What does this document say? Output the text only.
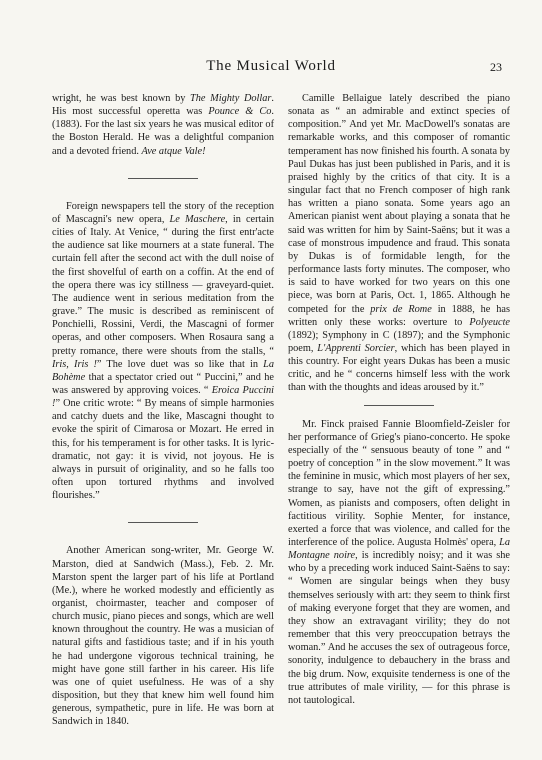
The Musical World	23

wright, he was best known by The Mighty Dollar. His most successful operetta was Pounce & Co. (1883). For the last six years he was musical editor of the Boston Herald. He was a delightful companion and a devoted friend. Ave atque Vale!

Foreign newspapers tell the story of the reception of Mascagni's new opera, Le Maschere, in certain cities of Italy. At Venice, “ during the first entr'acte the audience sat like mourners at a state funeral. The curtain fell after the second act with the dull noise of the first shovelful of earth on a coffin. At the end of the opera there was icy stillness — graveyard-quiet. The audience went in serious meditation from the grave.” The music is described as reminiscent of Ponchielli, Rossini, Verdi, the Mascagni of former operas, and other composers. When Rosaura sang a pretty romance, there were shouts from the stalls, “ Iris, Iris !” The love duet was so like that in La Bohème that a spectator cried out “ Puccini,” and he was answered by approving voices. “ Eroica Puccini !” One critic wrote: “ By means of simple harmonies and catchy duets and the like, Mascagni thought to evoke the spirit of Cimarosa or Mozart. He erred in this, for his temperament is for other tasks. It is lyric-dramatic, not gay: it is vivid, not joyous. He is always in pursuit of originality, and so he falls too often upon tortured rhythms and involved flourishes.”

Another American song-writer, Mr. George W. Marston, died at Sandwich (Mass.), Feb. 2. Mr. Marston spent the larger part of his life at Portland (Me.), where he worked modestly and efficiently as organist, choirmaster, teacher and composer of church music, piano pieces and songs, which are well known throughout the country. He was a musician of natural gifts and fastidious taste; and if in his youth he had undergone vigorous technical training, he might have gone still farther in his career. His life was one of quiet usefulness. He was of a shy disposition, but they that knew him well found him generous, sympathetic, pure in life. He was born at Sandwich in 1840.

Camille Bellaigue lately described the piano sonata as “ an admirable and extinct species of composition.” And yet Mr. MacDowell's sonatas are remarkable works, and this composer of romantic temperament has now finished his fourth. A sonata by Paul Dukas has just been published in Paris, and it is praised highly by the critics of that city. It is a singular fact that no French composer of high rank has written a piano sonata. Some years ago an American pianist went about playing a sonata that he said was written for him by Saint-Saëns; but it was a case of monstrous impudence and fraud. This sonata by Dukas is of formidable length, for the performance lasts forty minutes. The composer, who is said to have worked for two years on this one piece, was born at Paris, Oct. 1, 1865. Although he competed for the prix de Rome in 1888, he has written only these works: overture to Polyeucte (1892); Symphony in C (1897); and the Symphonic poem, L'Apprenti Sorcier, which has been played in this country. For eight years Dukas has been a music critic, and he “ concerns himself less with the work than with the thoughts and ideas aroused by it.”

Mr. Finck praised Fannie Bloomfield-Zeisler for her performance of Grieg's piano-concerto. He spoke especially of the “ sensuous beauty of tone ” and “ poetry of conception ” in the slow movement.” It was the feminine in music, which most players of her sex, strange to say, have not the gift of expressing.” Women, as pianists and composers, often delight in factitious virility. Sophie Menter, for instance, exerted a force that was violence, and called for the interference of the police. Augusta Holmès' opera, La Montagne noire, is incredibly noisy; and it was she who by a preceding work induced Saint-Saëns to say: “ Women are singular beings when they busy themselves seriously with art: they seem to think first of making everyone forget that they are women, and they show an extravagant virility; they do not remember that this very preoccupation betrays the woman.” And he accuses the sex of outrageous force, sonority, indulgence to debauchery in the brass and the big drum. Now, exquisite tenderness is one of the true attributes of male virility, — for this phrase is not tautological.
